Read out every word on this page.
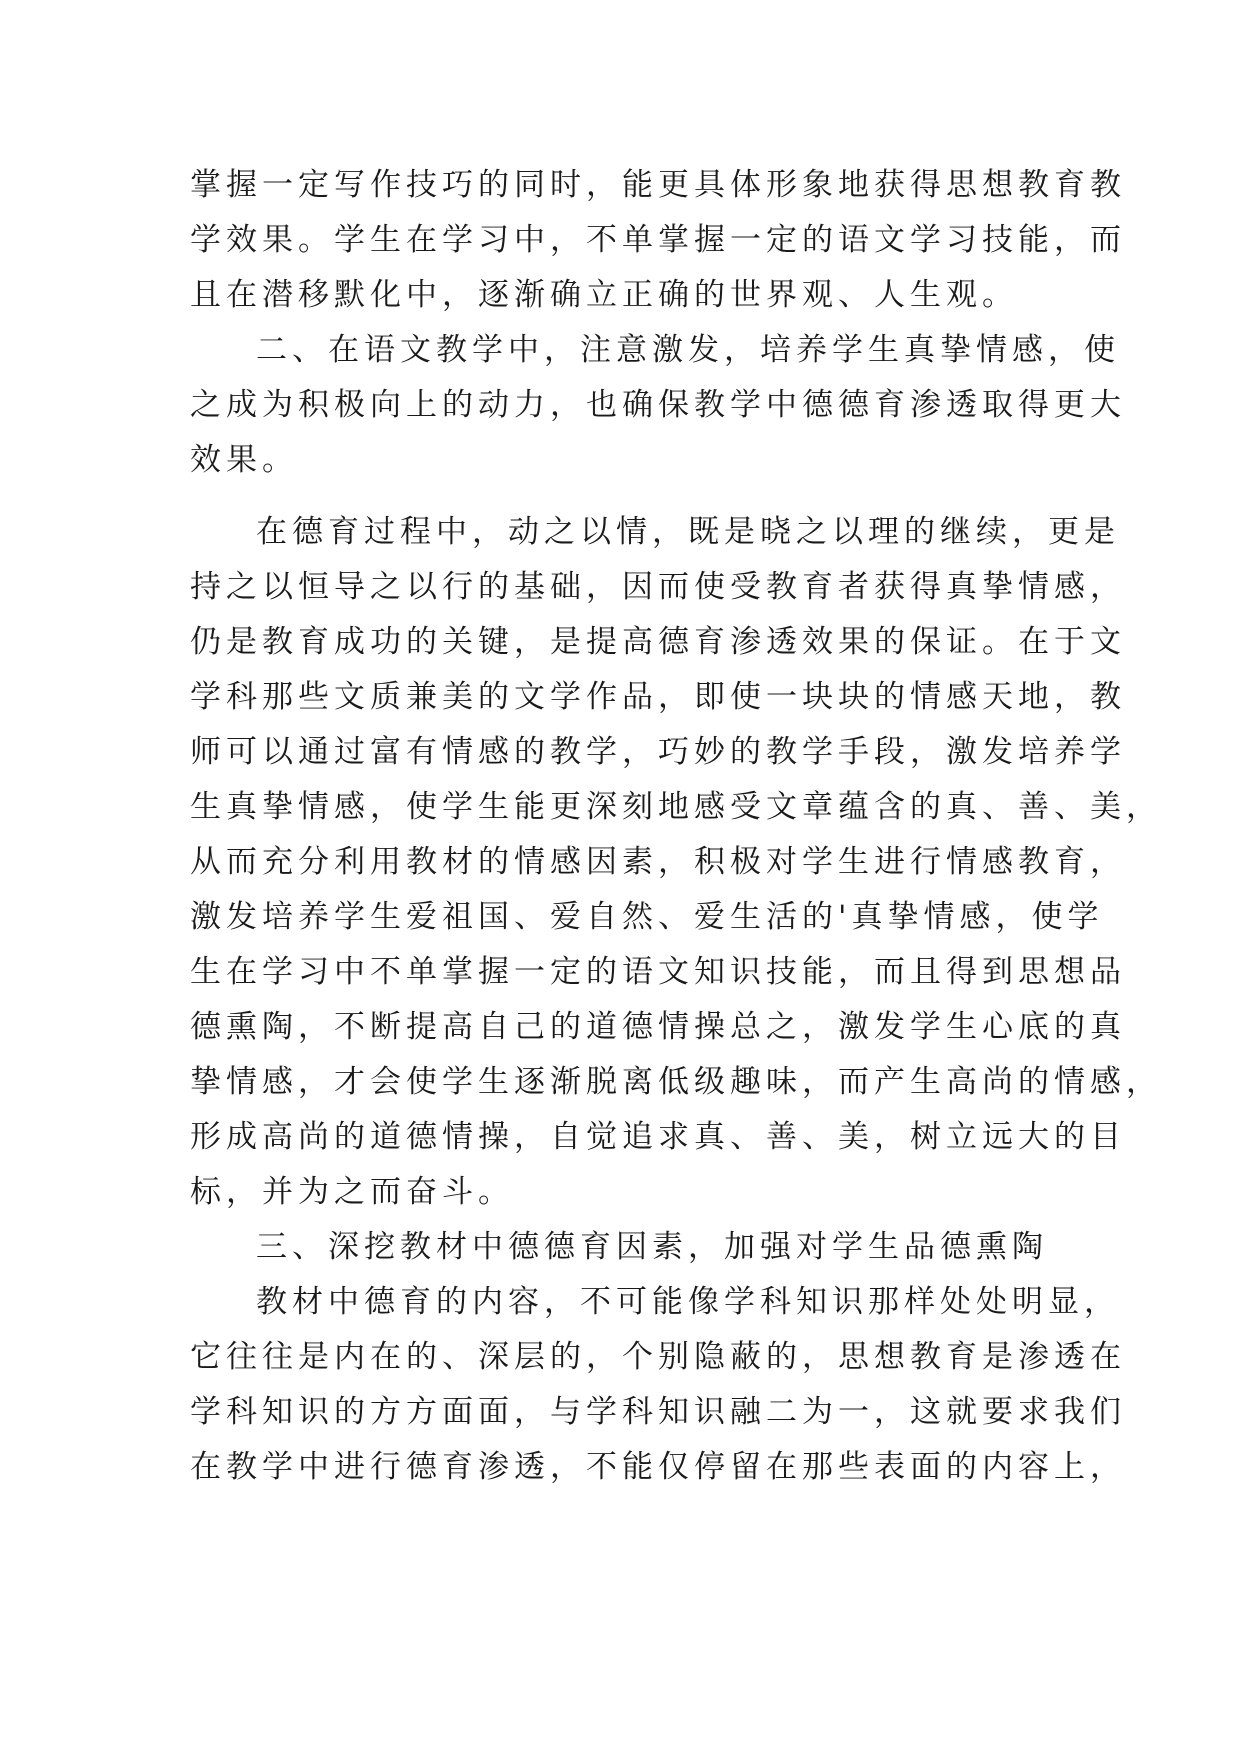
掌握一定写作技巧的同时，能更具体形象地获得思想教育教
学效果。学生在学习中，不单掌握一定的语文学习技能，而
且在潜移默化中，逐渐确立正确的世界观、人生观。
二、在语文教学中，注意激发，培养学生真挚情感，使
之成为积极向上的动力，也确保教学中德德育渗透取得更大
效果。
在德育过程中，动之以情，既是晓之以理的继续，更是
持之以恒导之以行的基础，因而使受教育者获得真挚情感，
仍是教育成功的关键，是提高德育渗透效果的保证。在于文
学科那些文质兼美的文学作品，即使一块块的情感天地，教
师可以通过富有情感的教学，巧妙的教学手段，激发培养学
生真挚情感，使学生能更深刻地感受文章蕴含的真、善、美，
从而充分利用教材的情感因素，积极对学生进行情感教育，
激发培养学生爱祖国、爱自然、爱生活的'真挚情感，使学
生在学习中不单掌握一定的语文知识技能，而且得到思想品
德熏陶，不断提高自己的道德情操总之，激发学生心底的真
挚情感，才会使学生逐渐脱离低级趣味，而产生高尚的情感，
形成高尚的道德情操，自觉追求真、善、美，树立远大的目
标，并为之而奋斗。
三、深挖教材中德德育因素，加强对学生品德熏陶
教材中德育的内容，不可能像学科知识那样处处明显，
它往往是内在的、深层的，个别隐蔽的，思想教育是渗透在
学科知识的方方面面，与学科知识融二为一，这就要求我们
在教学中进行德育渗透，不能仅停留在那些表面的内容上，
